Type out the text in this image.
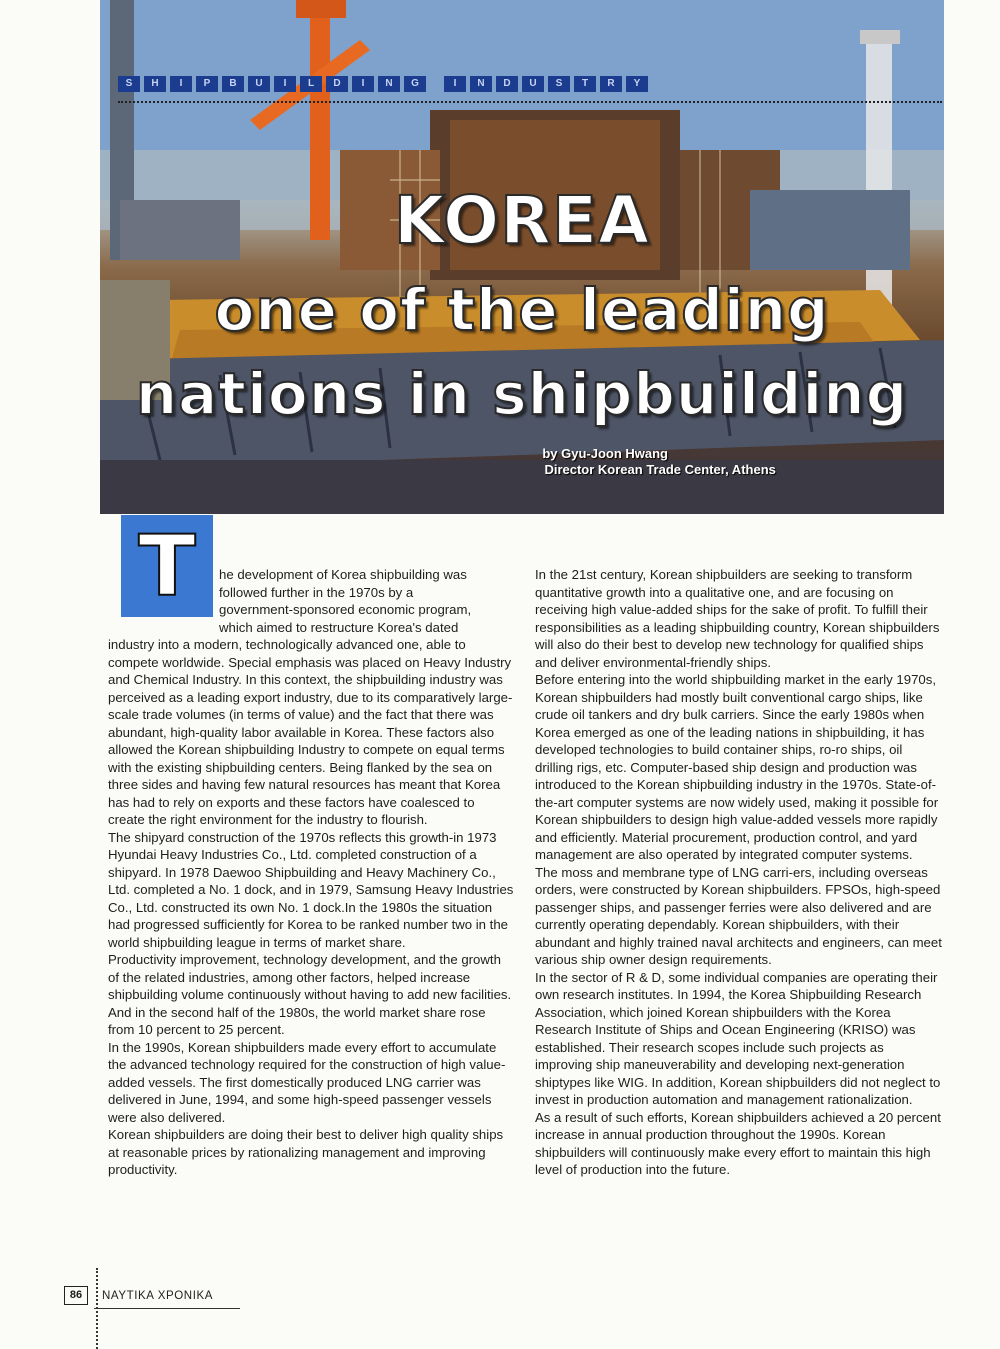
S	H	I	P	B	U	I	L	D	I	N	G	I	N	D	U	S	T	R	Y
KOREA
one of the leading
nations in shipbuilding
by Gyu-Joon Hwang
Director Korean Trade Center, Athens
T he development of Korea shipbuilding was
followed further in the 1970s by a
government-sponsored economic program,
which aimed to restructure Korea's dated

industry into a modern, technologically advanced one, able to compete worldwide. Special emphasis was placed on Heavy Industry and Chemical Industry. In this context, the shipbuilding industry was perceived as a leading export industry, due to its comparatively large-scale trade volumes (in terms of value) and the fact that there was abundant, high-quality labor available in Korea. These factors also allowed the Korean shipbuilding Industry to compete on equal terms with the existing shipbuilding centers. Being flanked by the sea on three sides and having few natural resources has meant that Korea has had to rely on exports and these factors have coalesced to create the right environment for the industry to flourish.

The shipyard construction of the 1970s reflects this growth-in 1973 Hyundai Heavy Industries Co., Ltd. completed construction of a shipyard. In 1978 Daewoo Shipbuilding and Heavy Machinery Co., Ltd. completed a No. 1 dock, and in 1979, Samsung Heavy Industries Co., Ltd. constructed its own No. 1 dock.In the 1980s the situation had progressed sufficiently for Korea to be ranked number two in the world shipbuilding league in terms of market share.

Productivity improvement, technology development, and the growth of the related industries, among other factors, helped increase shipbuilding volume continuously without having to add new facilities. And in the second half of the 1980s, the world market share rose from 10 percent to 25 percent.

In the 1990s, Korean shipbuilders made every effort to accumulate the advanced technology required for the construction of high value-added vessels. The first domestically produced LNG carrier was delivered in June, 1994, and some high-speed passenger vessels were also delivered.

Korean shipbuilders are doing their best to deliver high quality ships at reasonable prices by rationalizing management and improving productivity.

In the 21st century, Korean shipbuilders are seeking to transform quantitative growth into a qualitative one, and are focusing on receiving high value-added ships for the sake of profit. To fulfill their responsibilities as a leading shipbuilding country, Korean shipbuilders will also do their best to develop new technology for qualified ships and deliver environmental-friendly ships.

Before entering into the world shipbuilding market in the early 1970s, Korean shipbuilders had mostly built conventional cargo ships, like crude oil tankers and dry bulk carriers. Since the early 1980s when Korea emerged as one of the leading nations in shipbuilding, it has developed technologies to build container ships, ro-ro ships, oil drilling rigs, etc. Computer-based ship design and production was introduced to the Korean shipbuilding industry in the 1970s. State-of-the-art computer systems are now widely used, making it possible for Korean shipbuilders to design high value-added vessels more rapidly and efficiently. Material procurement, production control, and yard management are also operated by integrated computer systems.

The moss and membrane type of LNG carri-ers, including overseas orders, were constructed by Korean shipbuilders. FPSOs, high-speed passenger ships, and passenger ferries were also delivered and are currently operating dependably. Korean shipbuilders, with their abundant and highly trained naval architects and engineers, can meet various ship owner design requirements.

In the sector of R & D, some individual companies are operating their own research institutes. In 1994, the Korea Shipbuilding Research Association, which joined Korean shipbuilders with the Korea Research Institute of Ships and Ocean Engineering (KRISO) was established. Their research scopes include such projects as improving ship maneuverability and developing next-generation shiptypes like WIG. In addition, Korean shipbuilders did not neglect to invest in production automation and management rationalization.

As a result of such efforts, Korean shipbuilders achieved a 20 percent increase in annual production throughout the 1990s. Korean shipbuilders will continuously make every effort to maintain this high level of production into the future.

86	ΝΑΥΤΙΚΑ ΧΡΟΝΙΚΑ
